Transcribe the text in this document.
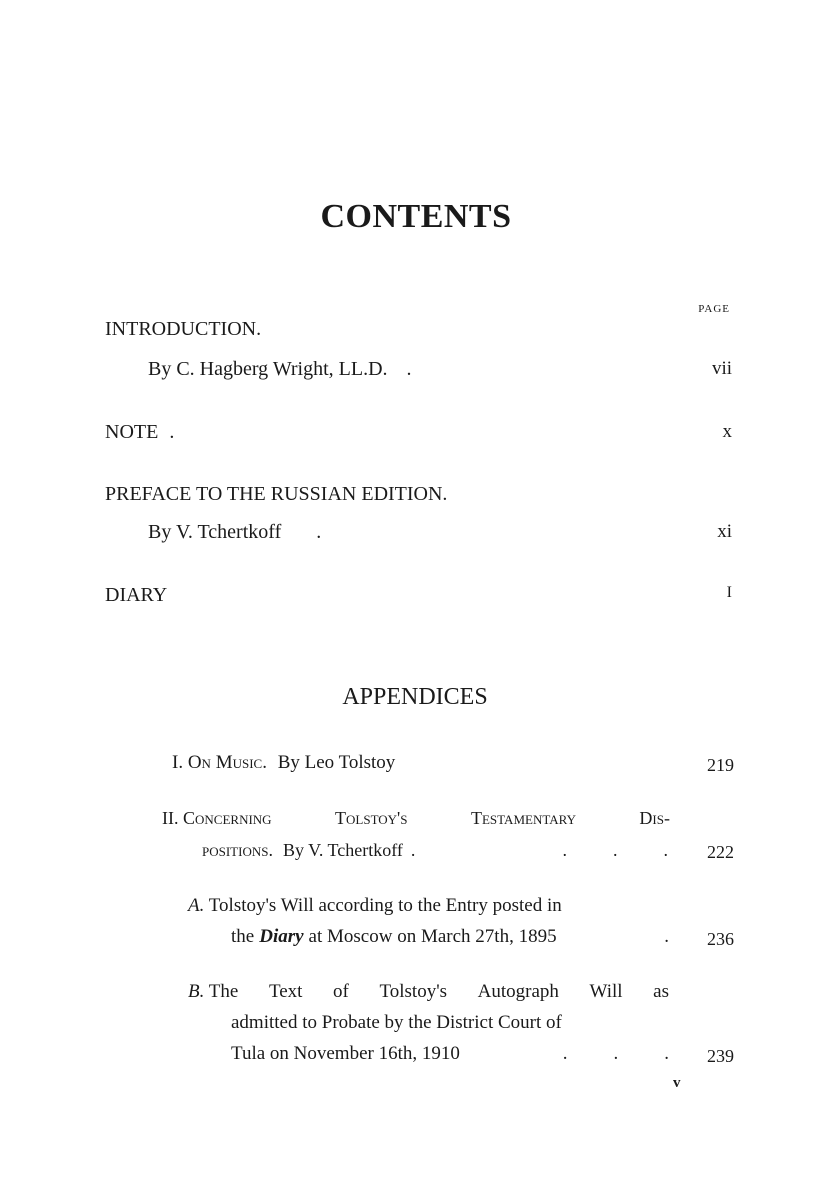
CONTENTS
PAGE
INTRODUCTION.
By C. Hagberg Wright, LL.D. .	vii
NOTE .	x
PREFACE TO THE RUSSIAN EDITION.
By V. Tchertkoff .	xi
DIARY	I
APPENDICES
I. On Music. By Leo Tolstoy	219
II. Concerning	Tolstoy's	Testamentary	Dis-
positions. By V. Tchertkoff .	.	.	. 222
A. Tolstoy's Will according to the Entry posted in
the Diary at Moscow on March 27th, 1895	. 236
B. The Text of Tolstoy's Autograph Will as
admitted to Probate by the District Court of
Tula on November 16th, 1910	. . . 239
v
